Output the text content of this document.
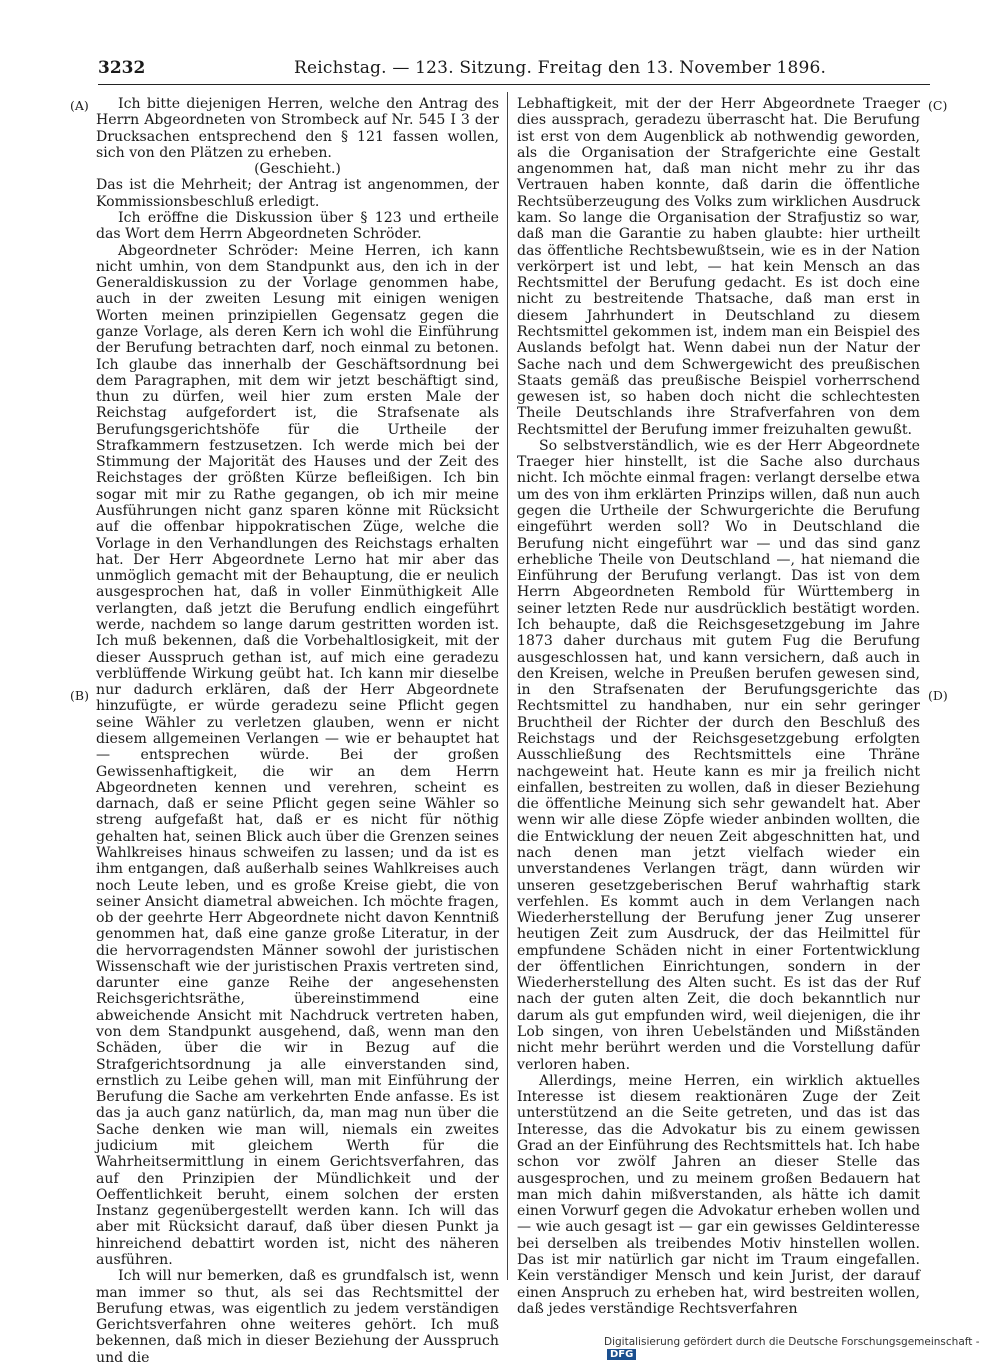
3232	Reichstag. — 123. Sitzung. Freitag den 13. November 1896.
(A)
(B)
(C)
(D)

Ich bitte diejenigen Herren, welche den Antrag des Herrn Abgeordneten von Strombeck auf Nr. 545 I 3 der Drucksachen entsprechend den § 121 fassen wollen, sich von den Plätzen zu erheben.

(Geschieht.)

Das ist die Mehrheit; der Antrag ist angenommen, der Kommissionsbeschluß erledigt.

Ich eröffne die Diskussion über § 123 und ertheile das Wort dem Herrn Abgeordneten Schröder.

Abgeordneter Schröder: Meine Herren, ich kann nicht umhin, von dem Standpunkt aus, den ich in der Generaldiskussion zu der Vorlage genommen habe, auch in der zweiten Lesung mit einigen wenigen Worten meinen prinzipiellen Gegensatz gegen die ganze Vorlage, als deren Kern ich wohl die Einführung der Berufung betrachten darf, noch einmal zu betonen. Ich glaube das innerhalb der Geschäftsordnung bei dem Paragraphen, mit dem wir jetzt beschäftigt sind, thun zu dürfen, weil hier zum ersten Male der Reichstag aufgefordert ist, die Strafsenate als Berufungsgerichtshöfe für die Urtheile der Strafkammern festzusetzen. Ich werde mich bei der Stimmung der Majorität des Hauses und der Zeit des Reichstages der größten Kürze befleißigen. Ich bin sogar mit mir zu Rathe gegangen, ob ich mir meine Ausführungen nicht ganz sparen könne mit Rücksicht auf die offenbar hippokratischen Züge, welche die Vorlage in den Verhandlungen des Reichstags erhalten hat. Der Herr Abgeordnete Lerno hat mir aber das unmöglich gemacht mit der Behauptung, die er neulich ausgesprochen hat, daß in voller Einmüthigkeit Alle verlangten, daß jetzt die Berufung endlich eingeführt werde, nachdem so lange darum gestritten worden ist. Ich muß bekennen, daß die Vorbehaltlosigkeit, mit der dieser Ausspruch gethan ist, auf mich eine geradezu verblüffende Wirkung geübt hat. Ich kann mir dieselbe nur dadurch erklären, daß der Herr Abgeordnete hinzufügte, er würde geradezu seine Pflicht gegen seine Wähler zu verletzen glauben, wenn er nicht diesem allgemeinen Verlangen — wie er behauptet hat — entsprechen würde. Bei der großen Gewissenhaftigkeit, die wir an dem Herrn Abgeordneten kennen und verehren, scheint es darnach, daß er seine Pflicht gegen seine Wähler so streng aufgefaßt hat, daß er es nicht für nöthig gehalten hat, seinen Blick auch über die Grenzen seines Wahlkreises hinaus schweifen zu lassen; und da ist es ihm entgangen, daß außerhalb seines Wahlkreises auch noch Leute leben, und es große Kreise giebt, die von seiner Ansicht diametral abweichen. Ich möchte fragen, ob der geehrte Herr Abgeordnete nicht davon Kenntniß genommen hat, daß eine ganze große Literatur, in der die hervorragendsten Männer sowohl der juristischen Wissenschaft wie der juristischen Praxis vertreten sind, darunter eine ganze Reihe der angesehensten Reichsgerichtsräthe, übereinstimmend eine abweichende Ansicht mit Nachdruck vertreten haben, von dem Standpunkt ausgehend, daß, wenn man den Schäden, über die wir in Bezug auf die Strafgerichtsordnung ja alle einverstanden sind, ernstlich zu Leibe gehen will, man mit Einführung der Berufung die Sache am verkehrten Ende anfasse. Es ist das ja auch ganz natürlich, da, man mag nun über die Sache denken wie man will, niemals ein zweites judicium mit gleichem Werth für die Wahrheitsermittlung in einem Gerichtsverfahren, das auf den Prinzipien der Mündlichkeit und der Oeffentlichkeit beruht, einem solchen der ersten Instanz gegenübergestellt werden kann. Ich will das aber mit Rücksicht darauf, daß über diesen Punkt ja hinreichend debattirt worden ist, nicht des näheren ausführen.

Ich will nur bemerken, daß es grundfalsch ist, wenn man immer so thut, als sei das Rechtsmittel der Berufung etwas, was eigentlich zu jedem verständigen Gerichtsverfahren ohne weiteres gehört. Ich muß bekennen, daß mich in dieser Beziehung der Ausspruch und die

Lebhaftigkeit, mit der der Herr Abgeordnete Traeger dies aussprach, geradezu überrascht hat. Die Berufung ist erst von dem Augenblick ab nothwendig geworden, als die Organisation der Strafgerichte eine Gestalt angenommen hat, daß man nicht mehr zu ihr das Vertrauen haben konnte, daß darin die öffentliche Rechtsüberzeugung des Volks zum wirklichen Ausdruck kam. So lange die Organisation der Strafjustiz so war, daß man die Garantie zu haben glaubte: hier urtheilt das öffentliche Rechtsbewußtsein, wie es in der Nation verkörpert ist und lebt, — hat kein Mensch an das Rechtsmittel der Berufung gedacht. Es ist doch eine nicht zu bestreitende Thatsache, daß man erst in diesem Jahrhundert in Deutschland zu diesem Rechtsmittel gekommen ist, indem man ein Beispiel des Auslands befolgt hat. Wenn dabei nun der Natur der Sache nach und dem Schwergewicht des preußischen Staats gemäß das preußische Beispiel vorherrschend gewesen ist, so haben doch nicht die schlechtesten Theile Deutschlands ihre Strafverfahren von dem Rechtsmittel der Berufung immer freizuhalten gewußt.

So selbstverständlich, wie es der Herr Abgeordnete Traeger hier hinstellt, ist die Sache also durchaus nicht. Ich möchte einmal fragen: verlangt derselbe etwa um des von ihm erklärten Prinzips willen, daß nun auch gegen die Urtheile der Schwurgerichte die Berufung eingeführt werden soll? Wo in Deutschland die Berufung nicht eingeführt war — und das sind ganz erhebliche Theile von Deutschland —, hat niemand die Einführung der Berufung verlangt. Das ist von dem Herrn Abgeordneten Rembold für Württemberg in seiner letzten Rede nur ausdrücklich bestätigt worden. Ich behaupte, daß die Reichsgesetzgebung im Jahre 1873 daher durchaus mit gutem Fug die Berufung ausgeschlossen hat, und kann versichern, daß auch in den Kreisen, welche in Preußen berufen gewesen sind, in den Strafsenaten der Berufungsgerichte das Rechtsmittel zu handhaben, nur ein sehr geringer Bruchtheil der Richter der durch den Beschluß des Reichstags und der Reichsgesetzgebung erfolgten Ausschließung des Rechtsmittels eine Thräne nachgeweint hat. Heute kann es mir ja freilich nicht einfallen, bestreiten zu wollen, daß in dieser Beziehung die öffentliche Meinung sich sehr gewandelt hat. Aber wenn wir alle diese Zöpfe wieder anbinden wollten, die die Entwicklung der neuen Zeit abgeschnitten hat, und nach denen man jetzt vielfach wieder ein unverstandenes Verlangen trägt, dann würden wir unseren gesetzgeberischen Beruf wahrhaftig stark verfehlen. Es kommt auch in dem Verlangen nach Wiederherstellung der Berufung jener Zug unserer heutigen Zeit zum Ausdruck, der das Heilmittel für empfundene Schäden nicht in einer Fortentwicklung der öffentlichen Einrichtungen, sondern in der Wiederherstellung des Alten sucht. Es ist das der Ruf nach der guten alten Zeit, die doch bekanntlich nur darum als gut empfunden wird, weil diejenigen, die ihr Lob singen, von ihren Uebelständen und Mißständen nicht mehr berührt werden und die Vorstellung dafür verloren haben.

Allerdings, meine Herren, ein wirklich aktuelles Interesse ist diesem reaktionären Zuge der Zeit unterstützend an die Seite getreten, und das ist das Interesse, das die Advokatur bis zu einem gewissen Grad an der Einführung des Rechtsmittels hat. Ich habe schon vor zwölf Jahren an dieser Stelle das ausgesprochen, und zu meinem großen Bedauern hat man mich dahin mißverstanden, als hätte ich damit einen Vorwurf gegen die Advokatur erheben wollen und — wie auch gesagt ist — gar ein gewisses Geldinteresse bei derselben als treibendes Motiv hinstellen wollen. Das ist mir natürlich gar nicht im Traum eingefallen. Kein verständiger Mensch und kein Jurist, der darauf einen Anspruch zu erheben hat, wird bestreiten wollen, daß jedes verständige Rechtsverfahren

Digitalisierung gefördert durch die Deutsche Forschungsgemeinschaft -DFG
